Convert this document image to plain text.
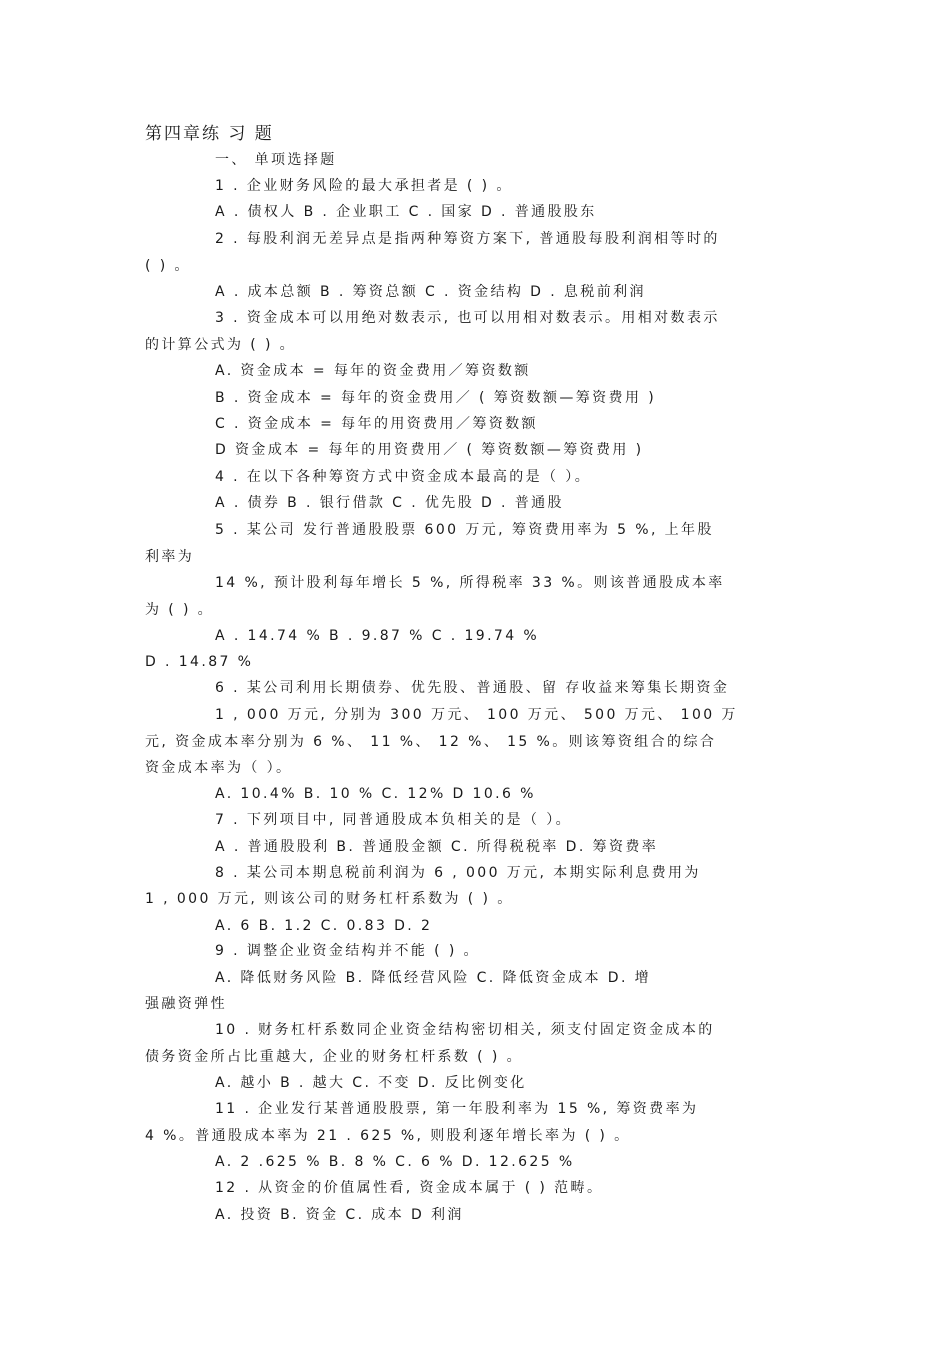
第四章练 习 题
一、 单项选择题
1 . 企业财务风险的最大承担者是 ( ) 。
A . 债权人 B . 企业职工 C . 国家 D . 普通股股东
2 . 每股利润无差异点是指两种筹资方案下, 普通股每股利润相等时的
( ) 。
A . 成本总额 B . 筹资总额 C . 资金结构 D . 息税前利润
3 . 资金成本可以用绝对数表示, 也可以用相对数表示。用相对数表示
的计算公式为 ( ) 。
A. 资金成本 = 每年的资金费用／筹资数额
B . 资金成本 = 每年的资金费用／ ( 筹资数额—筹资费用 )
C . 资金成本 = 每年的用资费用／筹资数额
D 资金成本 = 每年的用资费用／ ( 筹资数额—筹资费用 )
4 . 在以下各种筹资方式中资金成本最高的是（ ）。
A . 债券 B . 银行借款 C . 优先股 D . 普通股
5 . 某公司 发行普通股股票 600 万元, 筹资费用率为 5 %, 上年股
利率为
14 %, 预计股利每年增长 5 %, 所得税率 33 %。则该普通股成本率
为 ( ) 。
A . 14.74 % B . 9.87 % C . 19.74 %
D . 14.87 %
6 . 某公司利用长期债券、优先股、普通股、留 存收益来筹集长期资金
1 , 000 万元, 分别为 300 万元、 100 万元、 500 万元、 100 万
元, 资金成本率分别为 6 %、 11 %、 12 %、 15 %。则该筹资组合的综合
资金成本率为（ ）。
A. 10.4% B. 10 % C. 12% D 10.6 %
7 . 下列项目中, 同普通股成本负相关的是（ ）。
A . 普通股股利 B. 普通股金额 C. 所得税税率 D. 筹资费率
8 . 某公司本期息税前利润为 6 , 000 万元, 本期实际利息费用为
1 , 000 万元, 则该公司的财务杠杆系数为 ( ) 。
A. 6 B. 1.2 C. 0.83 D. 2
9 . 调整企业资金结构并不能 ( ) 。
A. 降低财务风险 B. 降低经营风险 C. 降低资金成本 D. 增
强融资弹性
10 . 财务杠杆系数同企业资金结构密切相关, 须支付固定资金成本的
债务资金所占比重越大, 企业的财务杠杆系数 ( ) 。
A. 越小 B . 越大 C. 不变 D. 反比例变化
11 . 企业发行某普通股股票, 第一年股利率为 15 %, 筹资费率为
4 %。普通股成本率为 21 . 625 %, 则股利逐年增长率为 ( ) 。
A. 2 .625 % B. 8 % C. 6 % D. 12.625 %
12 . 从资金的价值属性看, 资金成本属于 ( ) 范畴。
A. 投资 B. 资金 C. 成本 D 利润
